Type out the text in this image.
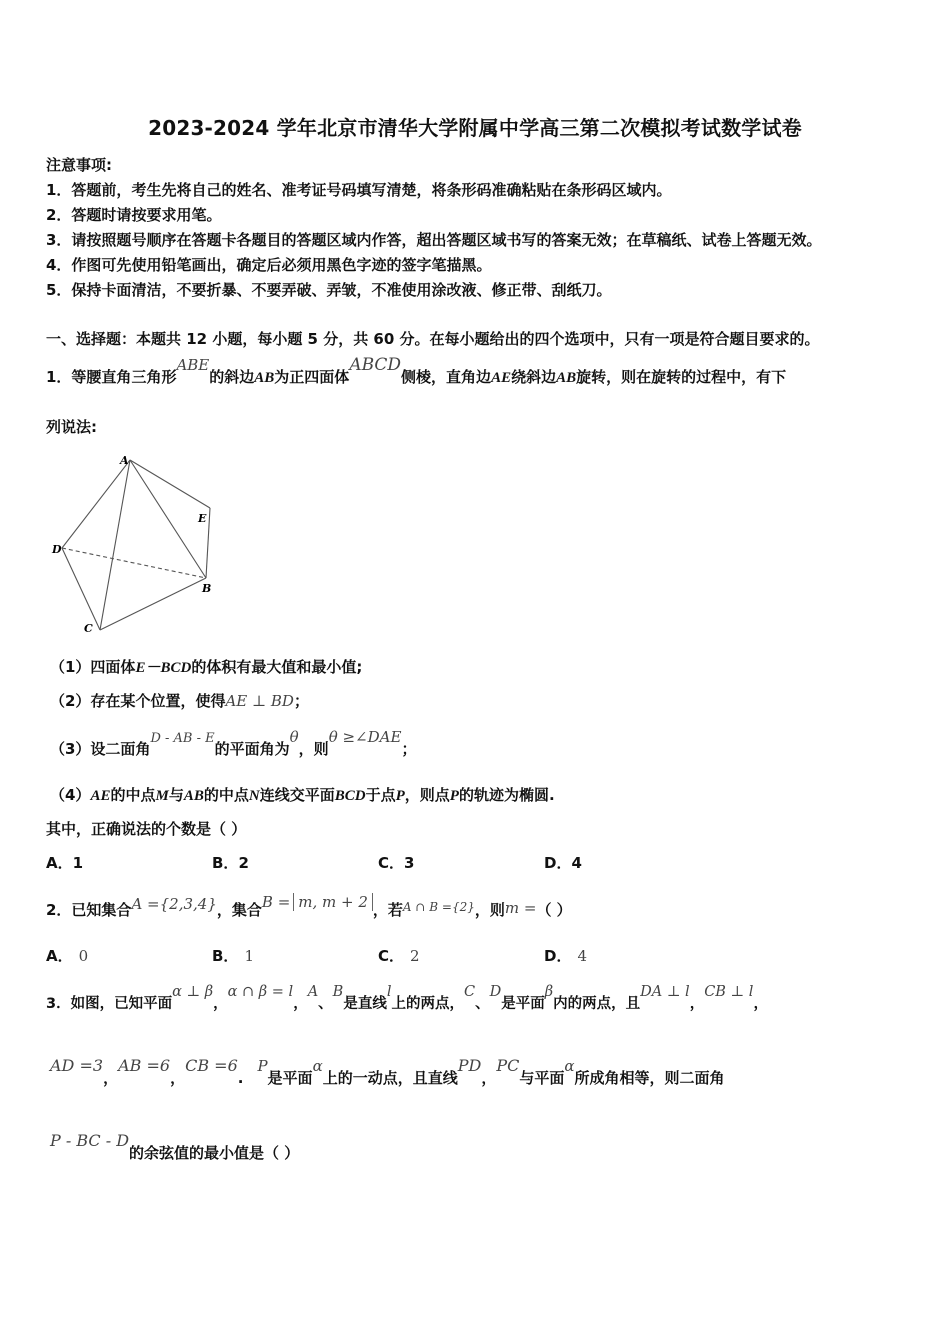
2023-2024 学年北京市清华大学附属中学高三第二次模拟考试数学试卷
注意事项:
1．答题前，考生先将自己的姓名、准考证号码填写清楚，将条形码准确粘贴在条形码区域内。
2．答题时请按要求用笔。
3．请按照题号顺序在答题卡各题目的答题区域内作答，超出答题区域书写的答案无效；在草稿纸、试卷上答题无效。
4．作图可先使用铅笔画出，确定后必须用黑色字迹的签字笔描黑。
5．保持卡面清洁，不要折暴、不要弄破、弄皱，不准使用涂改液、修正带、刮纸刀。
一、选择题：本题共 12 小题，每小题 5 分，共 60 分。在每小题给出的四个选项中，只有一项是符合题目要求的。
1．等腰直角三角形ABE的斜边AB为正四面体ABCD侧棱，直角边AE绕斜边AB旋转，则在旋转的过程中，有下
列说法:
A
E
D
B
C
（1）四面体E－BCD的体积有最大值和最小值;
（2）存在某个位置，使得AE ⊥ BD；
（3）设二面角D - AB - E的平面角为θ，则θ ≥∠DAE；
（4）AE的中点M与AB的中点N连线交平面BCD于点P，则点P的轨迹为椭圆.
其中，正确说法的个数是（ ）
A．1	B．2	C．3	D．4
2．已知集合A ={2,3,4}，集合B = m, m + 2 ，若$^{A \cap B =\{2\}}$，则m =（ ）
A． 0	B． 1	C． 2	D． 4
3．如图，已知平面α ⊥ β，α ∩ β = l，A、B是直线l上的两点，C、D是平面β内的两点，且DA ⊥ l，CB ⊥ l，
AD =3，AB =6，CB =6.P是平面α上的一动点，且直线PD，PC与平面α所成角相等，则二面角
P - BC - D的余弦值的最小值是（ ）
